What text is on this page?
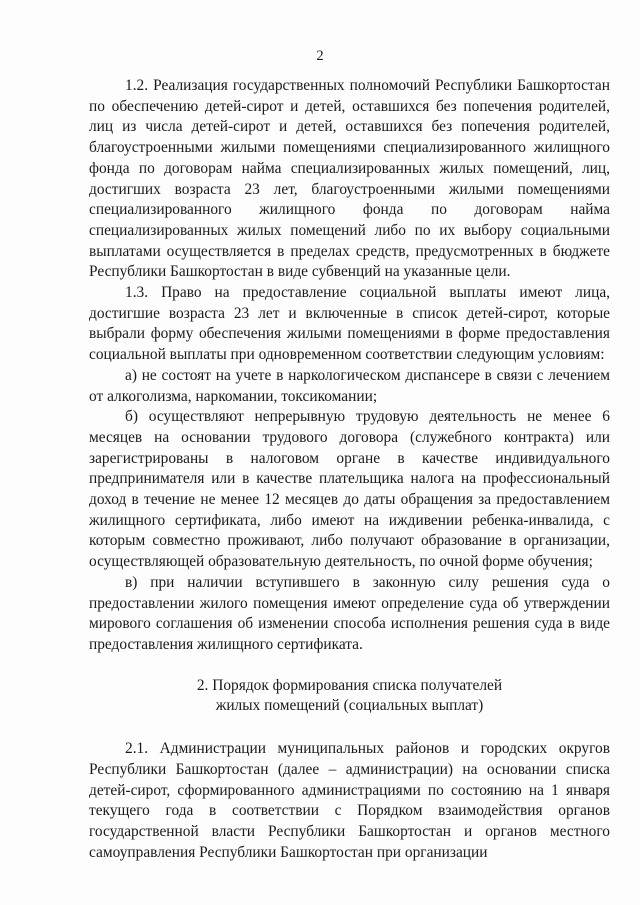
2

1.2. Реализация государственных полномочий Республики Башкортостан по обеспечению детей-сирот и детей, оставшихся без попечения родителей, лиц из числа детей-сирот и детей, оставшихся без попечения родителей, благоустроенными жилыми помещениями специализированного жилищного фонда по договорам найма специализированных жилых помещений, лиц, достигших возраста 23 лет, благоустроенными жилыми помещениями специализированного жилищного фонда по договорам найма специализированных жилых помещений либо по их выбору социальными выплатами осуществляется в пределах средств, предусмотренных в бюджете Республики Башкортостан в виде субвенций на указанные цели.

1.3. Право на предоставление социальной выплаты имеют лица, достигшие возраста 23 лет и включенные в список детей-сирот, которые выбрали форму обеспечения жилыми помещениями в форме предоставления социальной выплаты при одновременном соответствии следующим условиям:

а) не состоят на учете в наркологическом диспансере в связи с лечением от алкоголизма, наркомании, токсикомании;

б) осуществляют непрерывную трудовую деятельность не менее 6 месяцев на основании трудового договора (служебного контракта) или зарегистрированы в налоговом органе в качестве индивидуального предпринимателя или в качестве плательщика налога на профессиональный доход в течение не менее 12 месяцев до даты обращения за предоставлением жилищного сертификата, либо имеют на иждивении ребенка-инвалида, с которым совместно проживают, либо получают образование в организации, осуществляющей образовательную деятельность, по очной форме обучения;

в) при наличии вступившего в законную силу решения суда о предоставлении жилого помещения имеют определение суда об утверждении мирового соглашения об изменении способа исполнения решения суда в виде предоставления жилищного сертификата.

2. Порядок формирования списка получателей
жилых помещений (социальных выплат)

2.1. Администрации муниципальных районов и городских округов Республики Башкортостан (далее – администрации) на основании списка детей-сирот, сформированного администрациями по состоянию на 1 января текущего года в соответствии с Порядком взаимодействия органов государственной власти Республики Башкортостан и органов местного самоуправления Республики Башкортостан при организации
